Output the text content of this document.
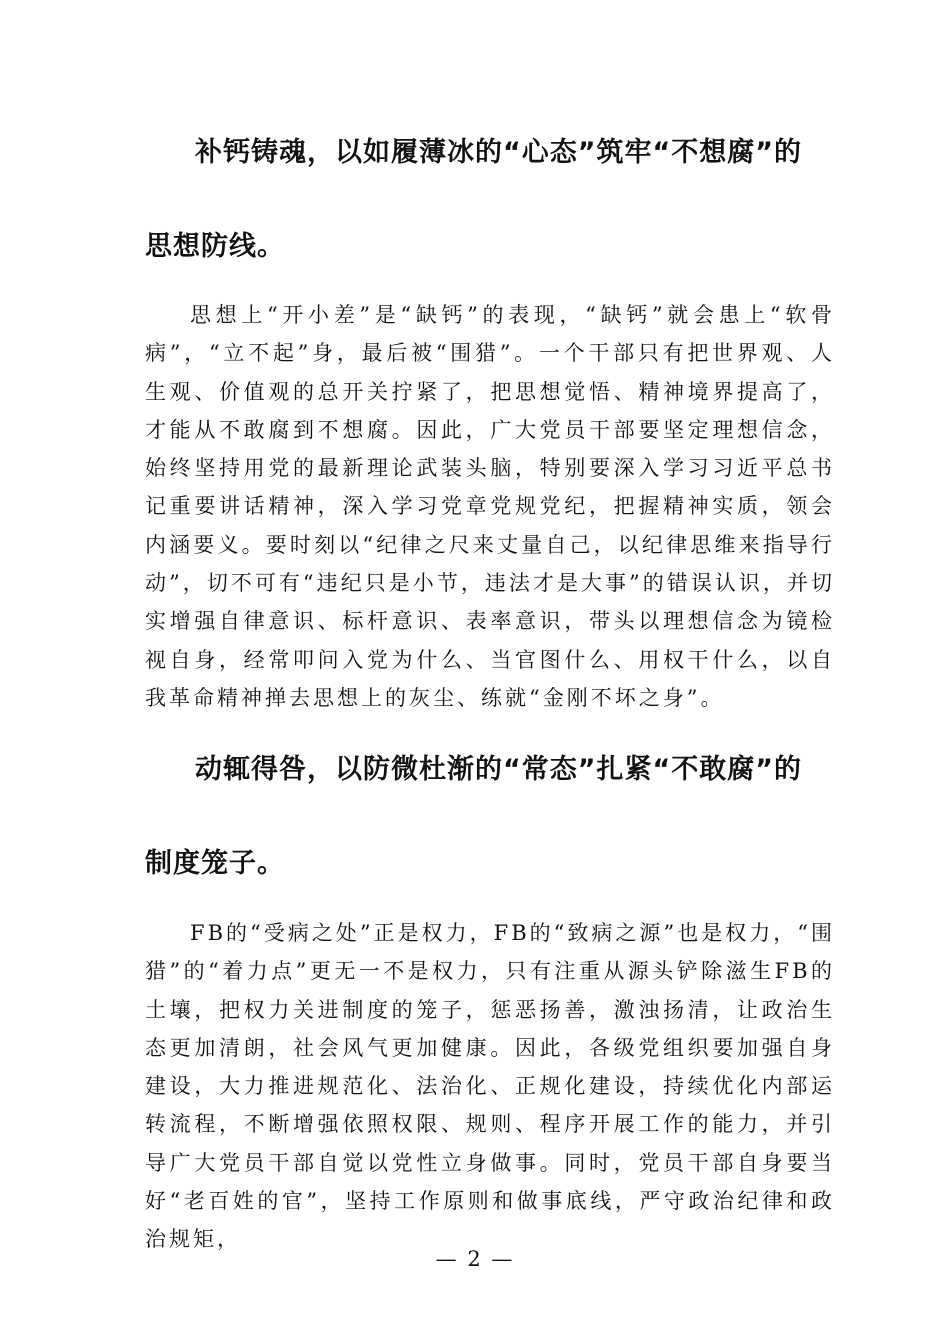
补钙铸魂，以如履薄冰的“心态”筑牢“不想腐”的
思想防线。

思想上“开小差”是“缺钙”的表现，“缺钙”就会患上“软骨病”，“立不起”身，最后被“围猎”。一个干部只有把世界观、人生观、价值观的总开关拧紧了，把思想觉悟、精神境界提高了，才能从不敢腐到不想腐。因此，广大党员干部要坚定理想信念，始终坚持用党的最新理论武装头脑，特别要深入学习习近平总书记重要讲话精神，深入学习党章党规党纪，把握精神实质，领会内涵要义。要时刻以“纪律之尺来丈量自己，以纪律思维来指导行动”，切不可有“违纪只是小节，违法才是大事”的错误认识，并切实增强自律意识、标杆意识、表率意识，带头以理想信念为镜检视自身，经常叩问入党为什么、当官图什么、用权干什么，以自我革命精神掸去思想上的灰尘、练就“金刚不坏之身”。

动辄得咎，以防微杜渐的“常态”扎紧“不敢腐”的
制度笼子。

FB的“受病之处”正是权力，FB的“致病之源”也是权力，“围猎”的“着力点”更无一不是权力，只有注重从源头铲除滋生FB的土壤，把权力关进制度的笼子，惩恶扬善，激浊扬清，让政治生态更加清朗，社会风气更加健康。因此，各级党组织要加强自身建设，大力推进规范化、法治化、正规化建设，持续优化内部运转流程，不断增强依照权限、规则、程序开展工作的能力，并引导广大党员干部自觉以党性立身做事。同时，党员干部自身要当好“老百姓的官”，坚持工作原则和做事底线，严守政治纪律和政治规矩，

— 2 —
